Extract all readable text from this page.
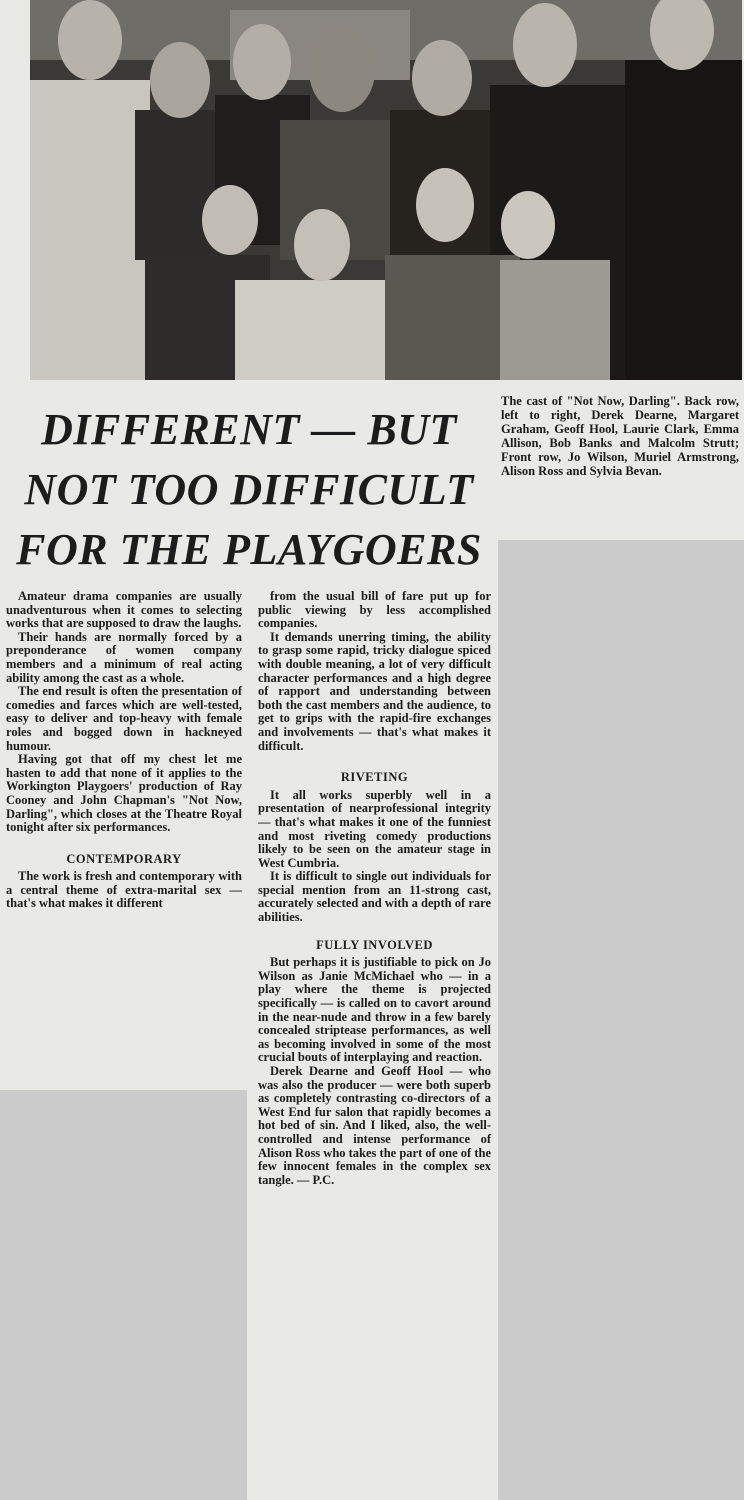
DIFFERENT — BUT
NOT TOO DIFFICULT
FOR THE PLAYGOERS
The cast of "Not Now, Darling". Back row, left to right, Derek Dearne, Margaret Graham, Geoff Hool, Laurie Clark, Emma Allison, Bob Banks and Malcolm Strutt; Front row, Jo Wilson, Muriel Armstrong, Alison Ross and Sylvia Bevan.

Amateur drama companies are usually unadventurous when it comes to selecting works that are supposed to draw the laughs.

Their hands are normally forced by a preponderance of women company members and a minimum of real acting ability among the cast as a whole.

The end result is often the presentation of comedies and farces which are well-tested, easy to deliver and top-heavy with female roles and bogged down in hackneyed humour.

Having got that off my chest let me hasten to add that none of it applies to the Workington Playgoers' production of Ray Cooney and John Chapman's "Not Now, Darling", which closes at the Theatre Royal tonight after six performances.

CONTEMPORARY

The work is fresh and contemporary with a central theme of extra-marital sex — that's what makes it different

from the usual bill of fare put up for public viewing by less accomplished companies.

It demands unerring timing, the ability to grasp some rapid, tricky dialogue spiced with double meaning, a lot of very difficult character performances and a high degree of rapport and understanding between both the cast members and the audience, to get to grips with the rapid-fire exchanges and involvements — that's what makes it difficult.

RIVETING

It all works superbly well in a presentation of nearprofessional integrity — that's what makes it one of the funniest and most riveting comedy productions likely to be seen on the amateur stage in West Cumbria.

It is difficult to single out individuals for special mention from an 11-strong cast, accurately selected and with a depth of rare abilities.

FULLY INVOLVED

But perhaps it is justifiable to pick on Jo Wilson as Janie McMichael who — in a play where the theme is projected specifically — is called on to cavort around in the near-nude and throw in a few barely concealed striptease performances, as well as becoming involved in some of the most crucial bouts of interplaying and reaction.

Derek Dearne and Geoff Hool — who was also the producer — were both superb as completely contrasting co-directors of a West End fur salon that rapidly becomes a hot bed of sin. And I liked, also, the well-controlled and intense performance of Alison Ross who takes the part of one of the few innocent females in the complex sex tangle. — P.C.
